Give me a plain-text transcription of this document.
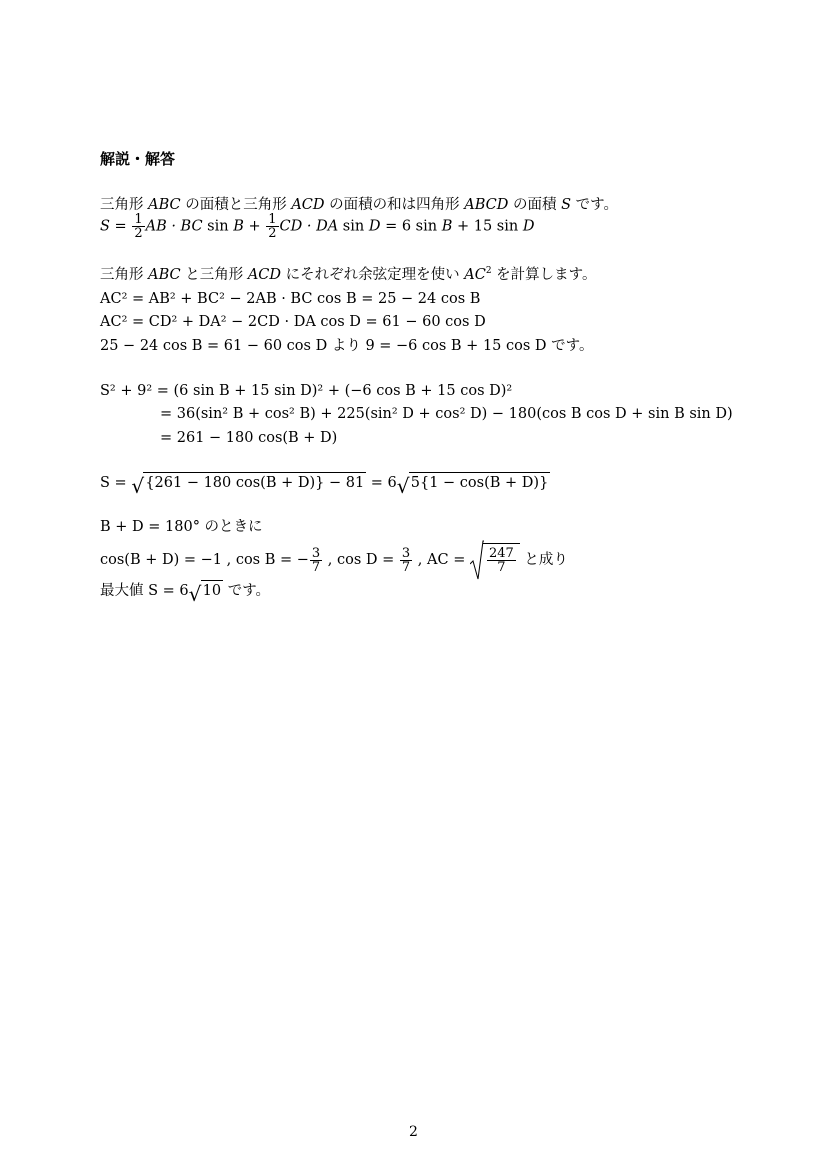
解説・解答
三角形 ABC の面積と三角形 ACD の面積の和は四角形 ABCD の面積 S です。
$S = \frac{1}{2}$ AB · BC $\sin B + \frac{1}{2}$ CD · DA sin D = 6 sin B + 15 sin D
三角形 ABC と三角形 ACD にそれぞれ余弦定理を使い $AC^2$ を計算します。
AC² = AB² + BC² − 2AB · BC cos B = 25 − 24 cos B
AC² = CD² + DA² − 2CD · DA cos D = 61 − 60 cos D
25 − 24 cos B = 61 − 60 cos D より 9 = −6 cos B + 15 cos D です。
S² + 9² = (6 sin B + 15 sin D)² + (−6 cos B + 15 cos D)²
= 36(sin² B + cos² B) + 225(sin² D + cos² D) − 180(cos B cos D + sin B sin D)
= 261 − 180 cos(B + D)
S = √ {261 − 180 cos(B + D)} − 81 = 6 √ 5{1 − cos(B + D)}
B + D = 180° のときに
cos(B + D) = −1 , cos B = − $\frac{3}{7}$ , $\cos D = \frac{3}{7}$ , AC = $\frac{247}{7}$ と成り
最大値 S = 6 √ 10 です。
2
